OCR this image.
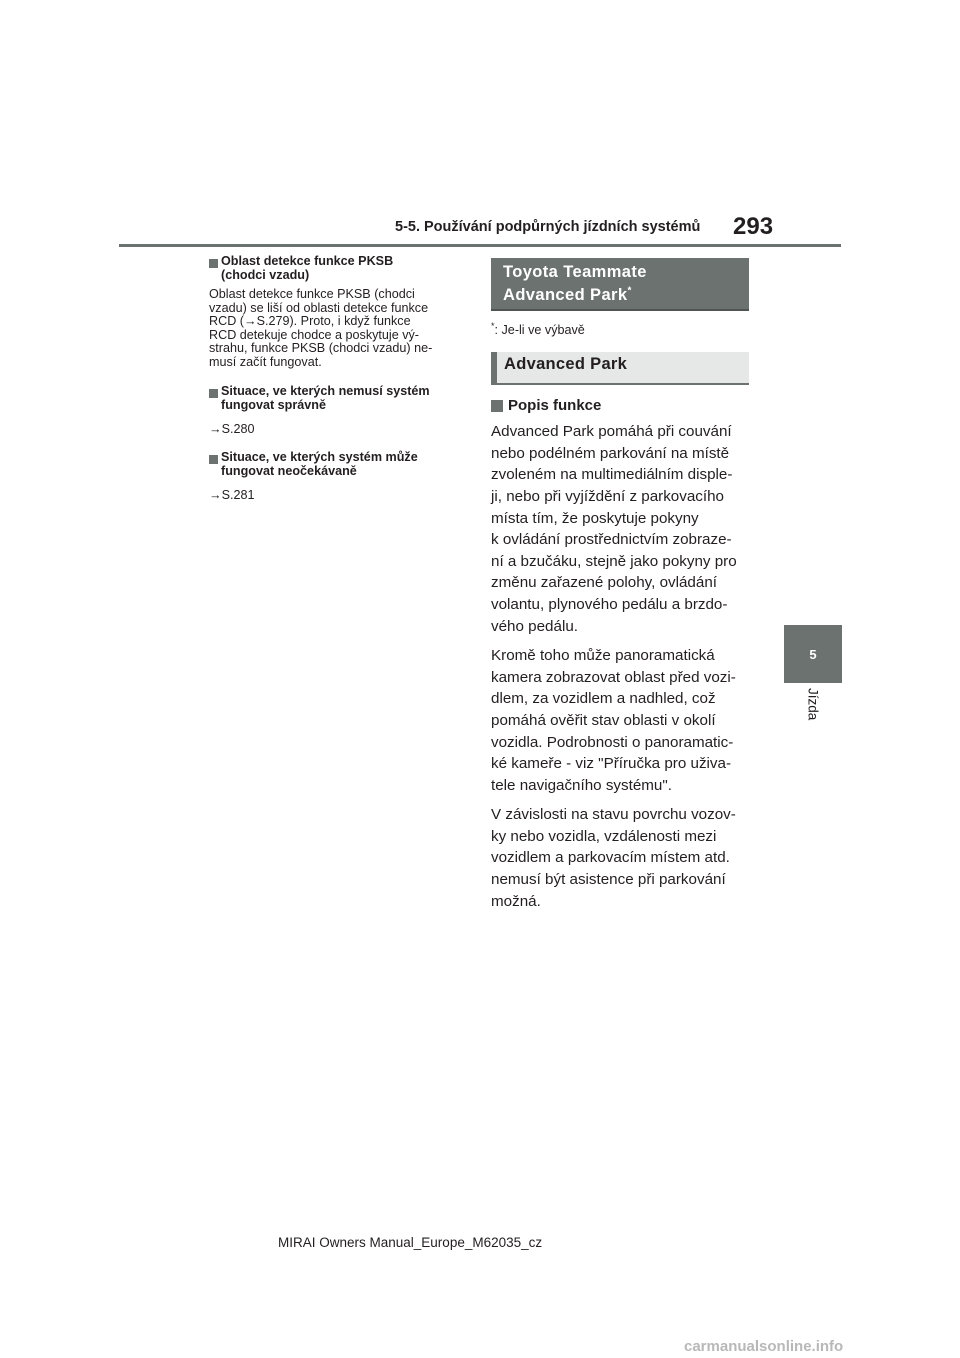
5-5. Používání podpůrných jízdních systémů 293
5
Jízda
Oblast detekce funkce PKSB
(chodci vzadu)
Oblast detekce funkce PKSB (chodci
vzadu) se liší od oblasti detekce funkce
RCD (→S.279). Proto, i když funkce
RCD detekuje chodce a poskytuje vý-
strahu, funkce PKSB (chodci vzadu) ne-
musí začít fungovat.
Situace, ve kterých nemusí systém
fungovat správně
→S.280
Situace, ve kterých systém může
fungovat neočekávaně
→S.281
Toyota Teammate
Advanced Park*
*: Je-li ve výbavě
Advanced Park
Popis funkce
Advanced Park pomáhá při couvání
nebo podélném parkování na místě
zvoleném na multimediálním disple-
ji, nebo při vyjíždění z parkovacího
místa tím, že poskytuje pokyny
k ovládání prostřednictvím zobraze-
ní a bzučáku, stejně jako pokyny pro
změnu zařazené polohy, ovládání
volantu, plynového pedálu a brzdo-
vého pedálu.
Kromě toho může panoramatická
kamera zobrazovat oblast před vozi-
dlem, za vozidlem a nadhled, což
pomáhá ověřit stav oblasti v okolí
vozidla. Podrobnosti o panoramatic-
ké kameře - viz "Příručka pro uživa-
tele navigačního systému".
V závislosti na stavu povrchu vozov-
ky nebo vozidla, vzdálenosti mezi
vozidlem a parkovacím místem atd.
nemusí být asistence při parkování
možná.
MIRAI Owners Manual_Europe_M62035_cz
carmanualsonline.info
